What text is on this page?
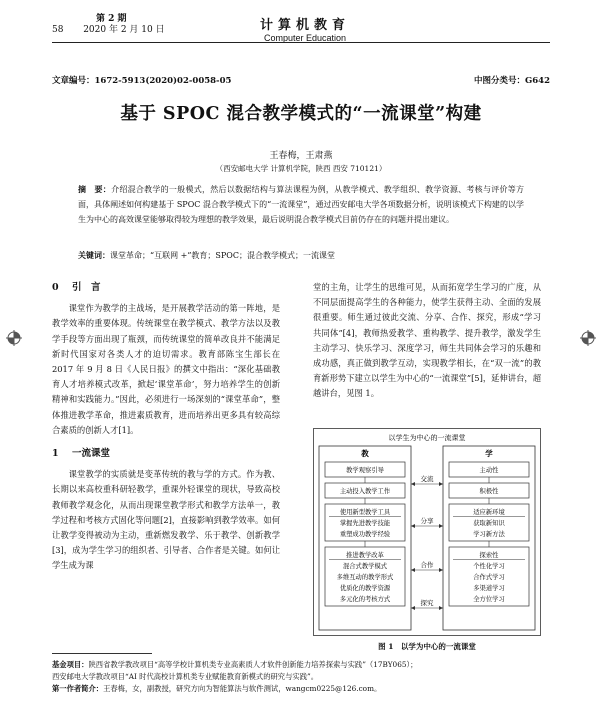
第 2 期
58 2020 年 2 月 10 日	计算机教育
Computer Education
文章编号：1672-5913(2020)02-0058-05	中图分类号：G642
基于 SPOC 混合教学模式的“一流课堂”构建
王春梅，王肃燕
（西安邮电大学 计算机学院，陕西 西安 710121）
摘　要：介绍混合教学的一般模式，然后以数据结构与算法课程为例，从教学模式、教学组织、教学资源、考核与评价等方面，具体阐述如何构建基于 SPOC 混合教学模式下的“一流课堂”，通过西安邮电大学各项数据分析，说明该模式下构建的以学生为中心的高效课堂能够取得较为理想的教学效果，最后说明混合教学模式目前仍存在的问题并提出建议。
关键词：课堂革命；“互联网 +”教育；SPOC；混合教学模式；一流课堂

0 引　言

课堂作为教学的主战场，是开展教学活动的第一阵地，是教学效率的重要体现。传统课堂在教学模式、教学方法以及教学手段等方面出现了瓶颈，而传统课堂的简单改良并不能满足新时代国家对各类人才的迫切需求。教育部陈宝生部长在 2017 年 9 月 8 日《人民日报》的撰文中指出：“深化基础教育人才培养模式改革，掀起‘课堂革命’，努力培养学生的创新精神和实践能力。”因此，必须进行一场深刻的“课堂革命”，整体推进教学革命，推进素质教育，进而培养出更多具有较高综合素质的创新人才[1]。

1 一流课堂

课堂教学的实质就是变革传统的教与学的方式。作为教、长期以来高校重科研轻教学，重课外轻课堂的现状，导致高校教师教学观念化，从而出现课堂教学形式和教学方法单一，教学过程和考核方式固化等问题[2]，直接影响到教学效率。如何让教学变得被动为主动，重新燃发教学、乐于教学、创新教学[3]，成为学生学习的组织者、引导者、合作者是关键。如何让学生成为课

堂的主角，让学生的思维可见，从而拓宽学生学习的广度，从不同层面提高学生的各种能力，使学生获得主动、全面的发展很重要。师生通过彼此交流、分享、合作、探究，形成“学习共同体”[4]，教师热爱教学、重构教学、提升教学，激发学生主动学习、快乐学习、深度学习，师生共同体会学习的乐趣和成功感，真正做到教学互动，实现教学相长，在“双一流”的教育新形势下建立以学生为中心的“一流课堂”[5]，延伸讲台，超越讲台，见图 1。

以学生为中心的一流课堂
教	学
教学观察引导
主动投入教学工作
使用新型教学工具
掌握先进教学技能
重塑成功教学经验
推进教学改革
混合式教学模式
多维互动的教学形式
优质化的教学资源
多元化的考核方式
主动性
积极性
适应新环境
获取新知识
学习新方法
探索性
个性化学习
合作式学习
多渠道学习
全方位学习
交流
分享
合作
探究
图 1　以学为中心的一流课堂
基金项目：陕西省教学教改项目“高等学校计算机类专业高素质人才软件创新能力培养探索与实践”（17BY065）；
西安邮电大学教改项目“AI 时代高校计算机类专业赋能教育新模式的研究与实践”。
第一作者简介：王春梅，女，副教授，研究方向为智能算法与软件测试，wangcm0225@126.com。
